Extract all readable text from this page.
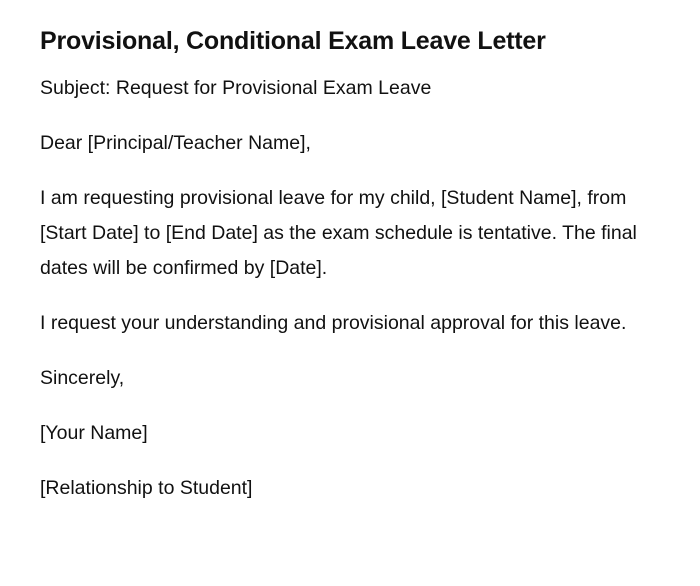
Provisional, Conditional Exam Leave Letter

Subject: Request for Provisional Exam Leave

Dear [Principal/Teacher Name],

I am requesting provisional leave for my child, [Student Name], from [Start Date] to [End Date] as the exam schedule is tentative. The final dates will be confirmed by [Date].

I request your understanding and provisional approval for this leave.

Sincerely,

[Your Name]

[Relationship to Student]
